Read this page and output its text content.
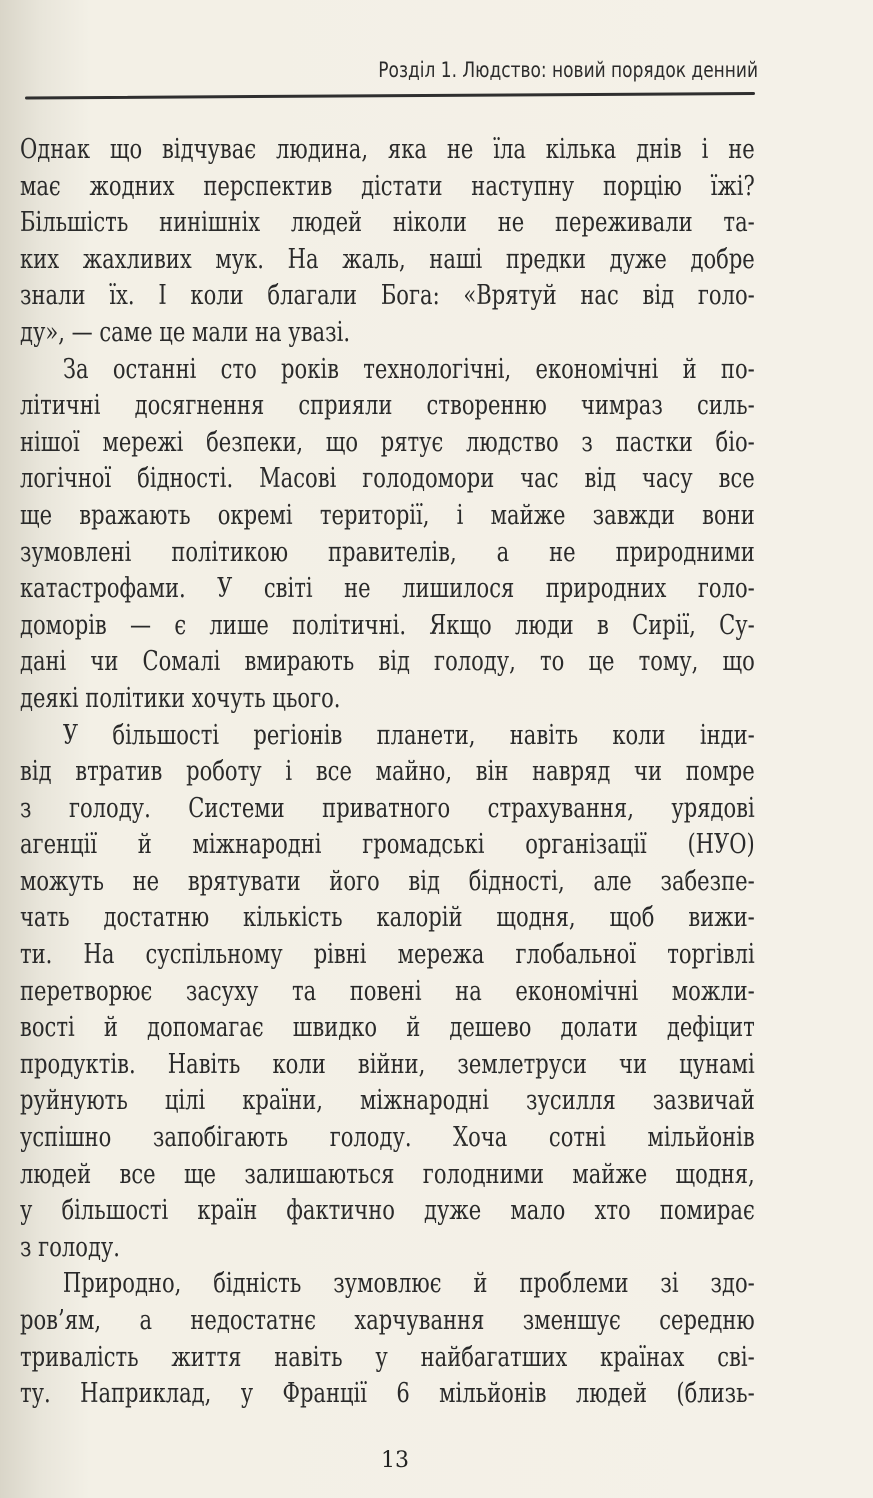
Розділ 1. Людство: новий порядок денний
Однак що відчуває людина, яка не їла кілька днів і не
має жодних перспектив дістати наступну порцію їжі?
Більшість нинішніх людей ніколи не переживали та-
ких жахливих мук. На жаль, наші предки дуже добре
знали їх. І коли благали Бога: «Врятуй нас від голо-
ду», — саме це мали на увазі.
За останні сто років технологічні, економічні й по-
літичні досягнення сприяли створенню чимраз силь-
нішої мережі безпеки, що рятує людство з пастки біо-
логічної бідності. Масові голодомори час від часу все
ще вражають окремі території, і майже завжди вони
зумовлені політикою правителів, а не природними
катастрофами. У світі не лишилося природних голо-
доморів — є лише політичні. Якщо люди в Сирії, Су-
дані чи Сомалі вмирають від голоду, то це тому, що
деякі політики хочуть цього.
У більшості регіонів планети, навіть коли інди-
від втратив роботу і все майно, він навряд чи помре
з голоду. Системи приватного страхування, урядові
агенції й міжнародні громадські організації (НУО)
можуть не врятувати його від бідності, але забезпе-
чать достатню кількість калорій щодня, щоб вижи-
ти. На суспільному рівні мережа глобальної торгівлі
перетворює засуху та повені на економічні можли-
вості й допомагає швидко й дешево долати дефіцит
продуктів. Навіть коли війни, землетруси чи цунамі
руйнують цілі країни, міжнародні зусилля зазвичай
успішно запобігають голоду. Хоча сотні мільйонів
людей все ще залишаються голодними майже щодня,
у більшості країн фактично дуже мало хто помирає
з голоду.
Природно, бідність зумовлює й проблеми зі здо-
ров’ям, а недостатнє харчування зменшує середню
тривалість життя навіть у найбагатших країнах сві-
ту. Наприклад, у Франції 6 мільйонів людей (близь-
13
